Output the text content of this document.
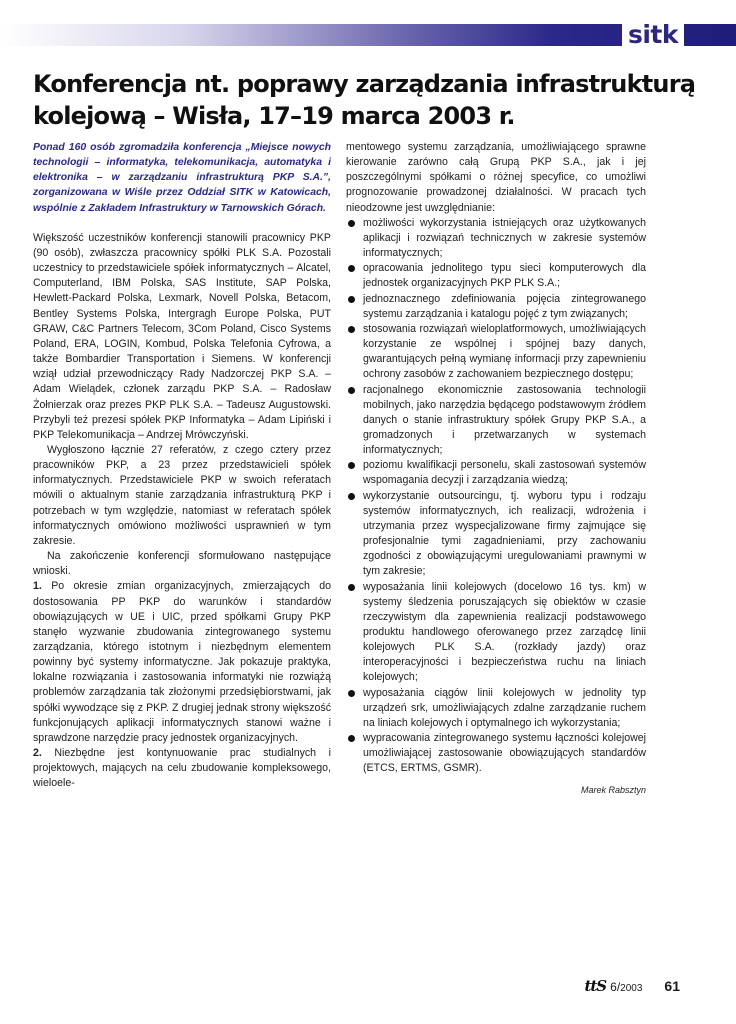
sitk
Konferencja nt. poprawy zarządzania infrastrukturą kolejową – Wisła, 17–19 marca 2003 r.

Ponad 160 osób zgromadziła konferencja „Miejsce nowych technologii – informatyka, telekomunikacja, automatyka i elektronika – w zarządzaniu infrastrukturą PKP S.A.”, zorganizowana w Wiśle przez Oddział SITK w Katowicach, wspólnie z Zakładem Infrastruktury w Tarnowskich Górach.

Większość uczestników konferencji stanowili pracownicy PKP (90 osób), zwłaszcza pracownicy spółki PLK S.A. Pozostali uczestnicy to przedstawiciele spółek informatycznych – Alcatel, Computerland, IBM Polska, SAS Institute, SAP Polska, Hewlett-Packard Polska, Lexmark, Novell Polska, Betacom, Bentley Systems Polska, Intergragh Europe Polska, PUT GRAW, C&C Partners Telecom, 3Com Poland, Cisco Systems Poland, ERA, LOGIN, Kombud, Polska Telefonia Cyfrowa, a także Bombardier Transportation i Siemens. W konferencji wziął udział przewodniczący Rady Nadzorczej PKP S.A. – Adam Wielądek, członek zarządu PKP S.A. – Radosław Żołnierzak oraz prezes PKP PLK S.A. – Tadeusz Augustowski. Przybyli też prezesi spółek PKP Informatyka – Adam Lipiński i PKP Telekomunikacja – Andrzej Mrówczyński.

Wygłoszono łącznie 27 referatów, z czego cztery przez pracowników PKP, a 23 przez przedstawicieli spółek informatycznych. Przedstawiciele PKP w swoich referatach mówili o aktualnym stanie zarządzania infrastrukturą PKP i potrzebach w tym względzie, natomiast w referatach spółek informatycznych omówiono możliwości usprawnień w tym zakresie.

Na zakończenie konferencji sformułowano następujące wnioski.

1. Po okresie zmian organizacyjnych, zmierzających do dostosowania PP PKP do warunków i standardów obowiązujących w UE i UIC, przed spółkami Grupy PKP stanęło wyzwanie zbudowania zintegrowanego systemu zarządzania, którego istotnym i niezbędnym elementem powinny być systemy informatyczne. Jak pokazuje praktyka, lokalne rozwiązania i zastosowania informatyki nie rozwiążą problemów zarządzania tak złożonymi przedsiębiorstwami, jak spółki wywodzące się z PKP. Z drugiej jednak strony większość funkcjonujących aplikacji informatycznych stanowi ważne i sprawdzone narzędzie pracy jednostek organizacyjnych.

2. Niezbędne jest kontynuowanie prac studialnych i projektowych, mających na celu zbudowanie kompleksowego, wieloele-

mentowego systemu zarządzania, umożliwiającego sprawne kierowanie zarówno całą Grupą PKP S.A., jak i jej poszczególnymi spółkami o różnej specyfice, co umożliwi prognozowanie prowadzonej działalności. W pracach tych nieodzowne jest uwzględnianie:

możliwości wykorzystania istniejących oraz użytkowanych aplikacji i rozwiązań technicznych w zakresie systemów informatycznych;
opracowania jednolitego typu sieci komputerowych dla jednostek organizacyjnych PKP PLK S.A.;
jednoznacznego zdefiniowania pojęcia zintegrowanego systemu zarządzania i katalogu pojęć z tym związanych;
stosowania rozwiązań wieloplatformowych, umożliwiających korzystanie ze wspólnej i spójnej bazy danych, gwarantujących pełną wymianę informacji przy zapewnieniu ochrony zasobów z zachowaniem bezpiecznego dostępu;
racjonalnego ekonomicznie zastosowania technologii mobilnych, jako narzędzia będącego podstawowym źródłem danych o stanie infrastruktury spółek Grupy PKP S.A., a gromadzonych i przetwarzanych w systemach informatycznych;
poziomu kwalifikacji personelu, skali zastosowań systemów wspomagania decyzji i zarządzania wiedzą;
wykorzystanie outsourcingu, tj. wyboru typu i rodzaju systemów informatycznych, ich realizacji, wdrożenia i utrzymania przez wyspecjalizowane firmy zajmujące się profesjonalnie tymi zagadnieniami, przy zachowaniu zgodności z obowiązującymi uregulowaniami prawnymi w tym zakresie;
wyposażania linii kolejowych (docelowo 16 tys. km) w systemy śledzenia poruszających się obiektów w czasie rzeczywistym dla zapewnienia realizacji podstawowego produktu handlowego oferowanego przez zarządcę linii kolejowych PLK S.A. (rozkłady jazdy) oraz interoperacyjności i bezpieczeństwa ruchu na liniach kolejowych;
wyposażania ciągów linii kolejowych w jednolity typ urządzeń srk, umożliwiających zdalne zarządzanie ruchem na liniach kolejowych i optymalnego ich wykorzystania;
wypracowania zintegrowanego systemu łączności kolejowej umożliwiającej zastosowanie obowiązujących standardów (ETCS, ERTMS, GSMR).

Marek Rabsztyn

ttS 6/2003 61
